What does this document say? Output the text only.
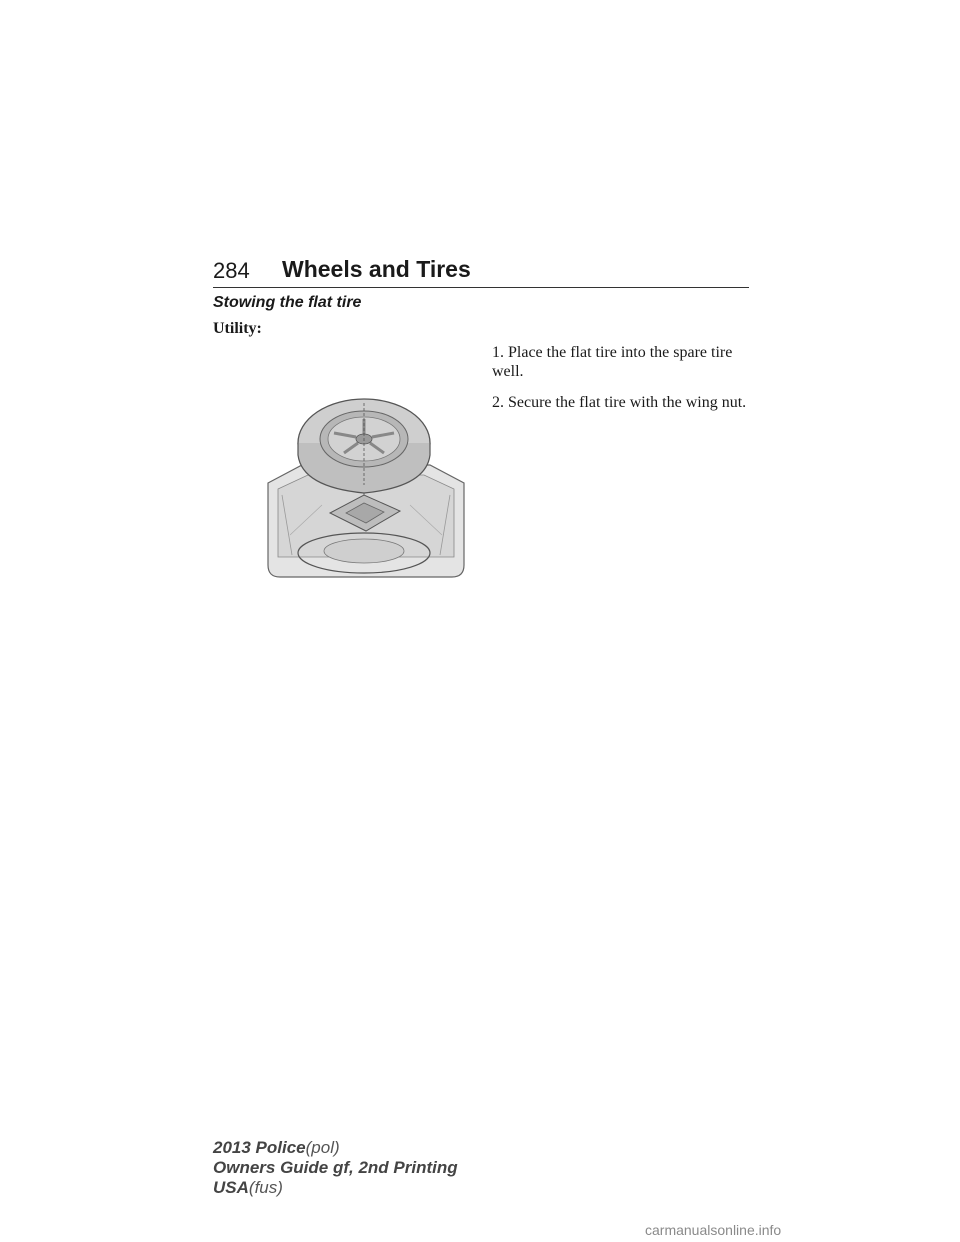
284 Wheels and Tires
Stowing the flat tire
Utility:

1. Place the flat tire into the spare tire well.

2. Secure the flat tire with the wing nut.

2013 Police(pol)
Owners Guide gf, 2nd Printing
USA(fus)
carmanualsonline.info
